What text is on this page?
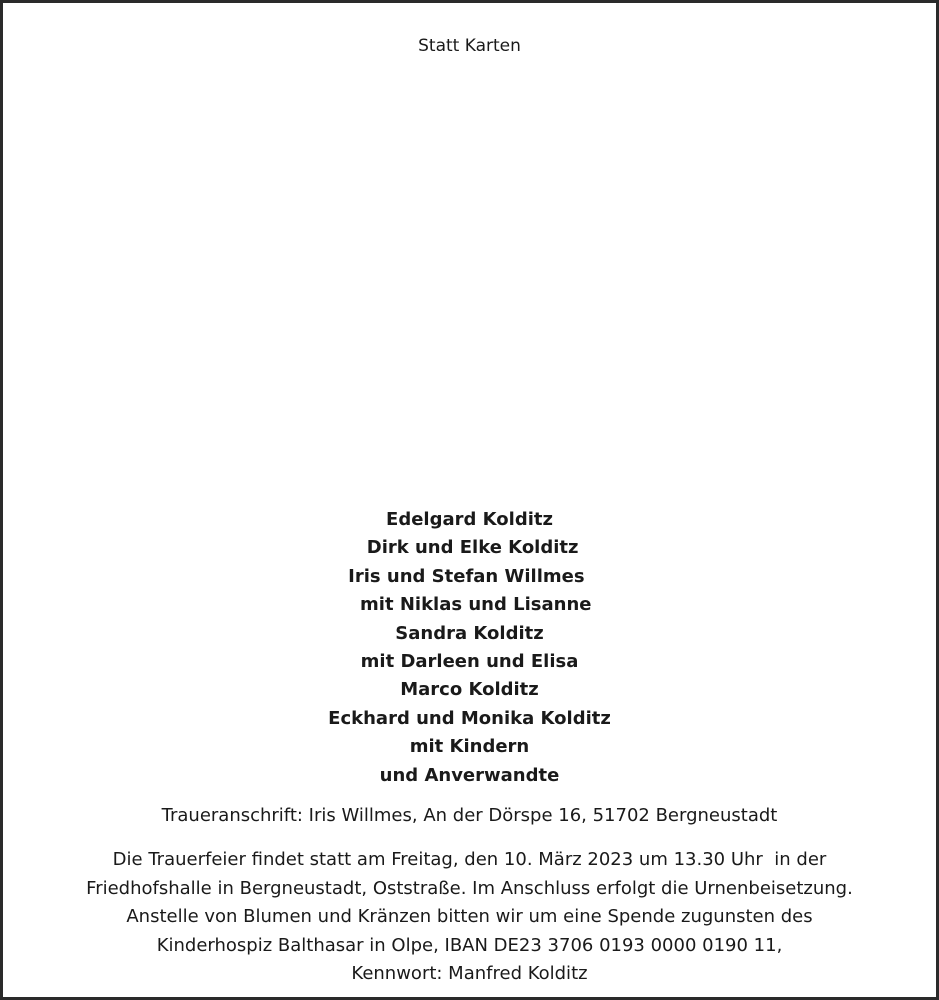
Statt Karten
Edelgard Kolditz
Dirk und Elke Kolditz
Iris und Stefan Willmes
mit Niklas und Lisanne
Sandra Kolditz
mit Darleen und Elisa
Marco Kolditz
Eckhard und Monika Kolditz
mit Kindern
und Anverwandte
Traueranschrift: Iris Willmes, An der Dörspe 16, 51702 Bergneustadt
Die Trauerfeier findet statt am Freitag, den 10. März 2023 um 13.30 Uhr  in der
Friedhofshalle in Bergneustadt, Oststraße. Im Anschluss erfolgt die Urnenbeisetzung.
Anstelle von Blumen und Kränzen bitten wir um eine Spende zugunsten des
Kinderhospiz Balthasar in Olpe, IBAN DE23 3706 0193 0000 0190 11,
Kennwort: Manfred Kolditz
